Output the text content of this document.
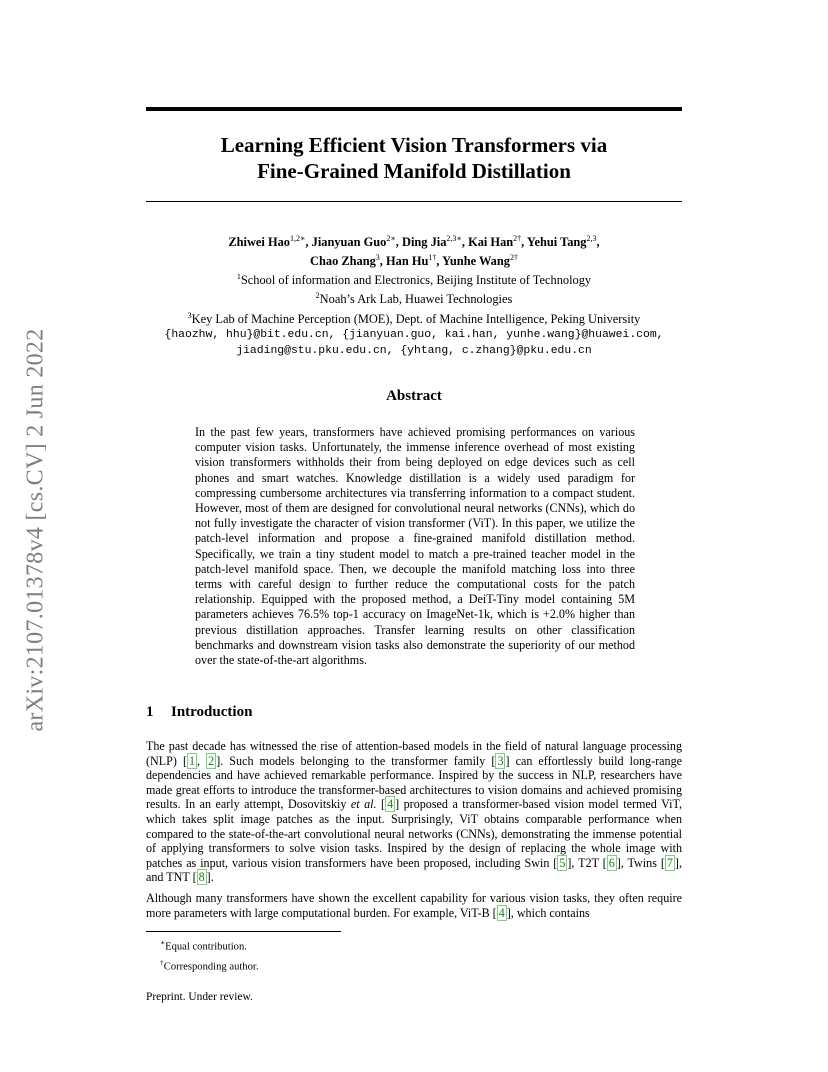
arXiv:2107.01378v4 [cs.CV] 2 Jun 2022
Learning Efficient Vision Transformers via
Fine-Grained Manifold Distillation
Zhiwei Hao$^{1,2∗}$, Jianyuan Guo$^{2∗}$, Ding Jia$^{2,3∗}$, Kai Han$^{2\dagger}$, Yehui Tang$^{2,3}$,
Chao Zhang$^3$, Han $Hu^{1\dagger}$, Yunhe Wang$^{2\dagger}$
$^1$School of information and Electronics, Beijing Institute of Technology
$^2$Noah’s Ark Lab, Huawei Technologies
$^3$Key Lab of Machine Perception (MOE), Dept. of Machine Intelligence, Peking University
{haozhw, hhu}@bit.edu.cn, {jianyuan.guo, kai.han, yunhe.wang}@huawei.com,
jiading@stu.pku.edu.cn, {yhtang, c.zhang}@pku.edu.cn
Abstract
In the past few years, transformers have achieved promising performances on various computer vision tasks. Unfortunately, the immense inference overhead of most existing vision transformers withholds their from being deployed on edge devices such as cell phones and smart watches. Knowledge distillation is a widely used paradigm for compressing cumbersome architectures via transferring information to a compact student. However, most of them are designed for convolutional neural networks (CNNs), which do not fully investigate the character of vision transformer (ViT). In this paper, we utilize the patch-level information and propose a fine-grained manifold distillation method. Specifically, we train a tiny student model to match a pre-trained teacher model in the patch-level manifold space. Then, we decouple the manifold matching loss into three terms with careful design to further reduce the computational costs for the patch relationship. Equipped with the proposed method, a DeiT-Tiny model containing 5M parameters achieves 76.5% top-1 accuracy on ImageNet-1k, which is +2.0% higher than previous distillation approaches. Transfer learning results on other classification benchmarks and downstream vision tasks also demonstrate the superiority of our method over the state-of-the-art algorithms.
1 Introduction

The past decade has witnessed the rise of attention-based models in the field of natural language processing (NLP) [ 1 , 2 ]. Such models belonging to the transformer family [ 3 ] can effortlessly build long-range dependencies and have achieved remarkable performance. Inspired by the success in NLP, researchers have made great efforts to introduce the transformer-based architectures to vision domains and achieved promising results. In an early attempt, Dosovitskiy et al. [ 4 ] proposed a transformer-based vision model termed ViT, which takes split image patches as the input. Surprisingly, ViT obtains comparable performance when compared to the state-of-the-art convolutional neural networks (CNNs), demonstrating the immense potential of applying transformers to solve vision tasks. Inspired by the design of replacing the whole image with patches as input, various vision transformers have been proposed, including Swin [ 5 ], T2T [ 6 ], Twins [ 7 ], and TNT [ 8 ].

Although many transformers have shown the excellent capability for various vision tasks, they often require more parameters with large computational burden. For example, ViT-B [ 4 ], which contains

∗Equal contribution.
†Corresponding author.
Preprint. Under review.
